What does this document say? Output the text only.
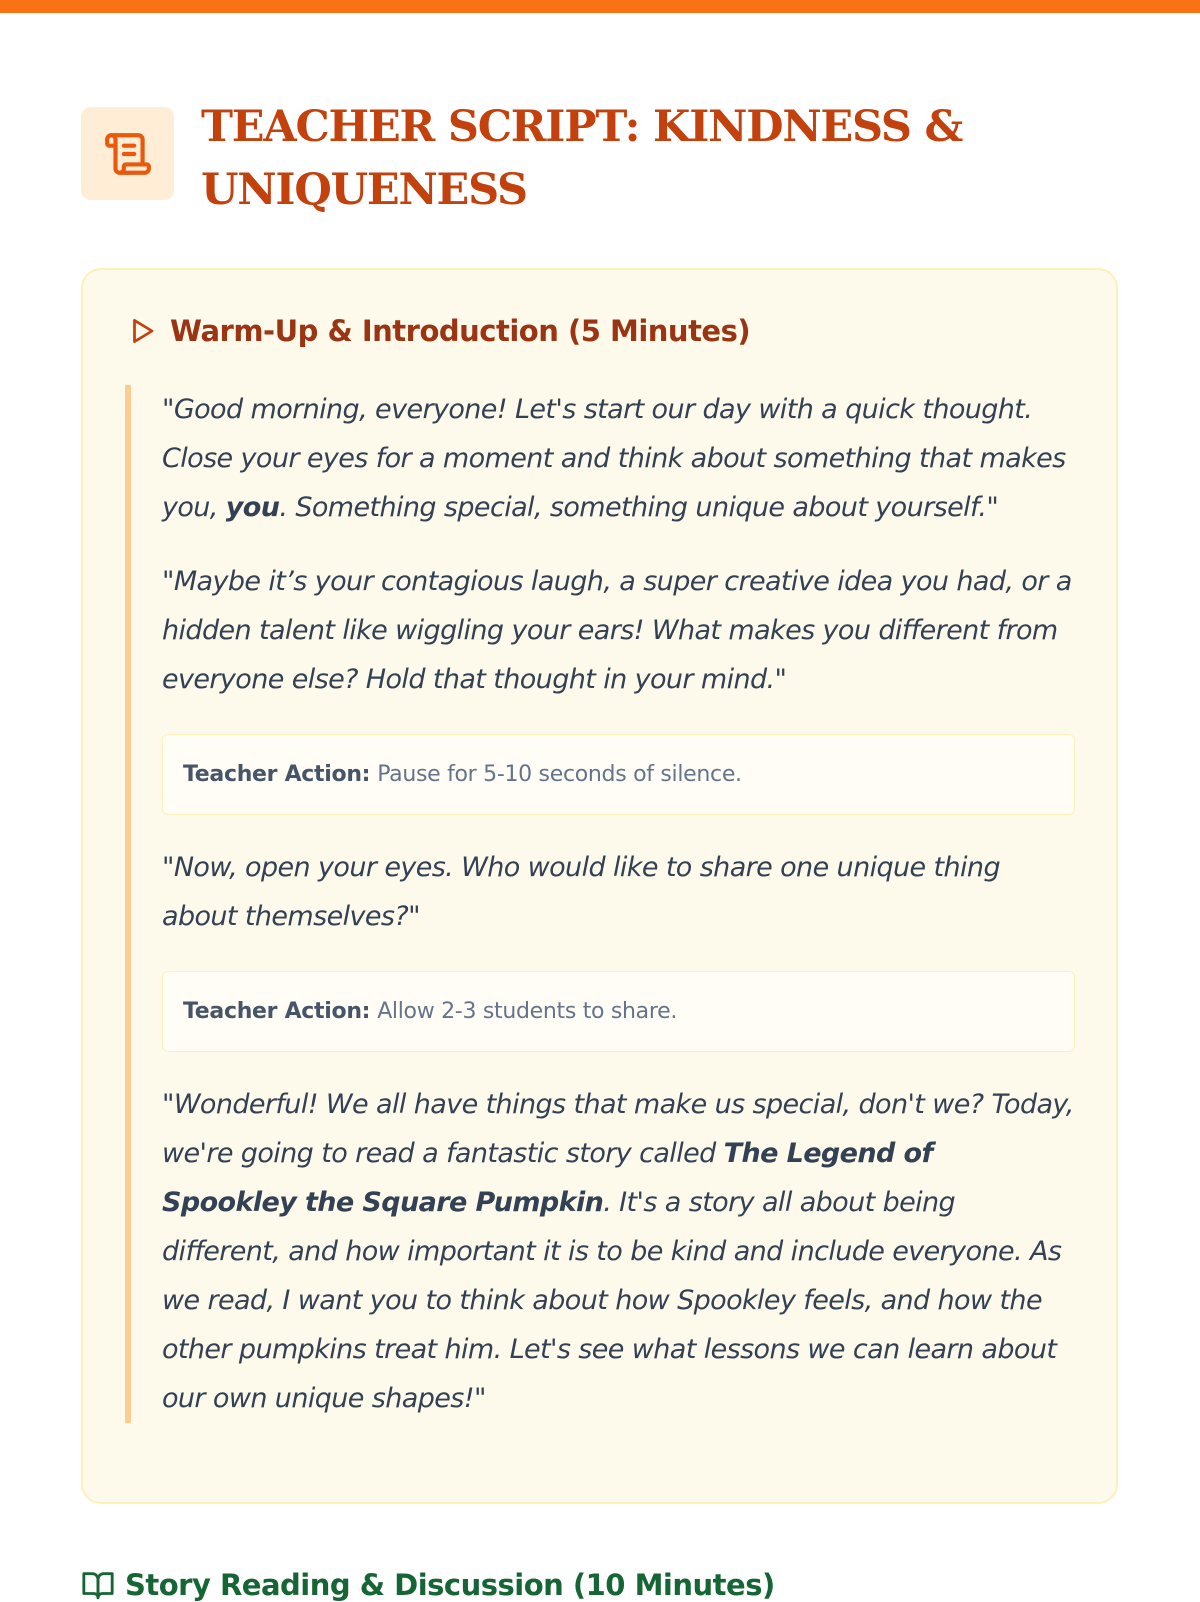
TEACHER SCRIPT: KINDNESS & UNIQUENESS
Warm-Up & Introduction (5 Minutes)

"Good morning, everyone! Let's start our day with a quick thought. Close your eyes for a moment and think about something that makes you, you. Something special, something unique about yourself."

"Maybe it’s your contagious laugh, a super creative idea you had, or a hidden talent like wiggling your ears! What makes you different from everyone else? Hold that thought in your mind."

Teacher Action: Pause for 5-10 seconds of silence.

"Now, open your eyes. Who would like to share one unique thing about themselves?"

Teacher Action: Allow 2-3 students to share.

"Wonderful! We all have things that make us special, don't we? Today, we're going to read a fantastic story called The Legend of Spookley the Square Pumpkin. It's a story all about being different, and how important it is to be kind and include everyone. As we read, I want you to think about how Spookley feels, and how the other pumpkins treat him. Let's see what lessons we can learn about our own unique shapes!"

Story Reading & Discussion (10 Minutes)
